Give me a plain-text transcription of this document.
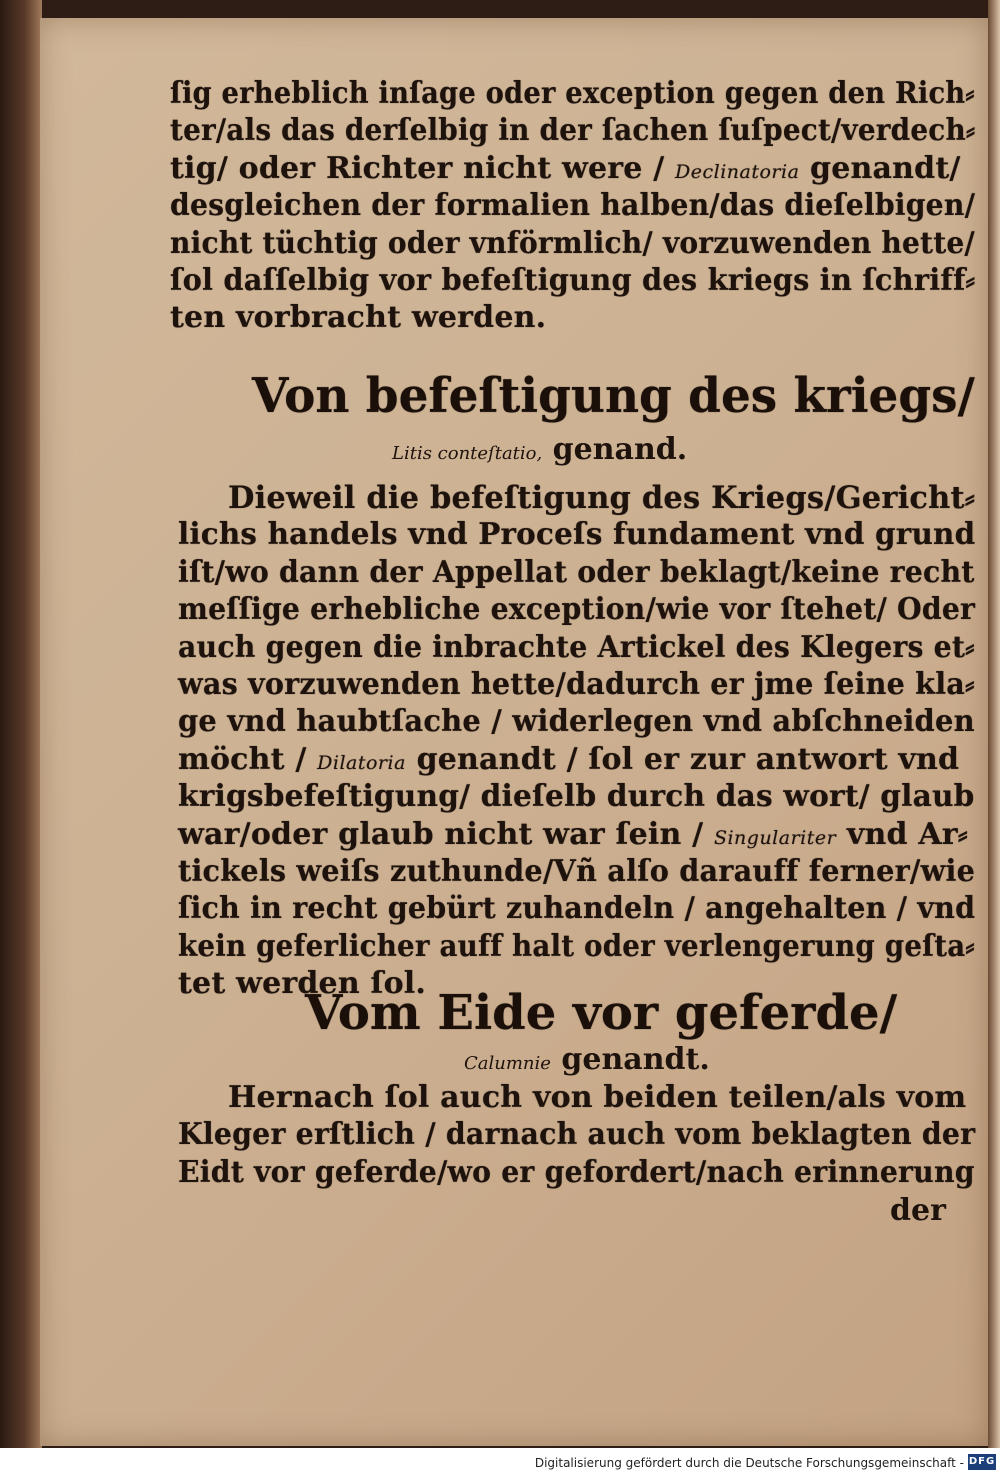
ſig erheblich inſage oder exception gegen den Rich⸗
ter/als das derſelbig in der ſachen ſuſpect/verdech⸗
tig/ oder Richter nicht were / Declinatoria genandt/
desgleichen der formalien halben/das dieſelbigen/
nicht tüchtig oder vnförmlich/ vorzuwenden hette/
ſol daſſelbig vor befeſtigung des kriegs in ſchriff⸗
ten vorbracht werden.
Von befeſtigung des kriegs/
Litis conteſtatio, genand.
Dieweil die befeſtigung des Kriegs/Gericht⸗
lichs handels vnd Proceſs fundament vnd grund
iſt/wo dann der Appellat oder beklagt/keine recht
meſſige erhebliche exception/wie vor ſtehet/ Oder
auch gegen die inbrachte Artickel des Klegers et⸗
was vorzuwenden hette/dadurch er jme ſeine kla⸗
ge vnd haubtſache / widerlegen vnd abſchneiden
möcht / Dilatoria genandt / ſol er zur antwort vnd
krigsbefeſtigung/ dieſelb durch das wort/ glaub
war/oder glaub nicht war ſein / Singulariter vnd Ar⸗
tickels weiſs zuthunde/Vñ alſo darauff ferner/wie
ſich in recht gebürt zuhandeln / angehalten / vnd
kein geferlicher auff halt oder verlengerung geſta⸗
tet werden ſol.
Vom Eide vor geferde/
Calumnie genandt.
Hernach ſol auch von beiden teilen/als vom
Kleger erſtlich / darnach auch vom beklagten der
Eidt vor geferde/wo er gefordert/nach erinnerung
der
Digitalisierung gefördert durch die Deutsche Forschungsgemeinschaft - DFG
